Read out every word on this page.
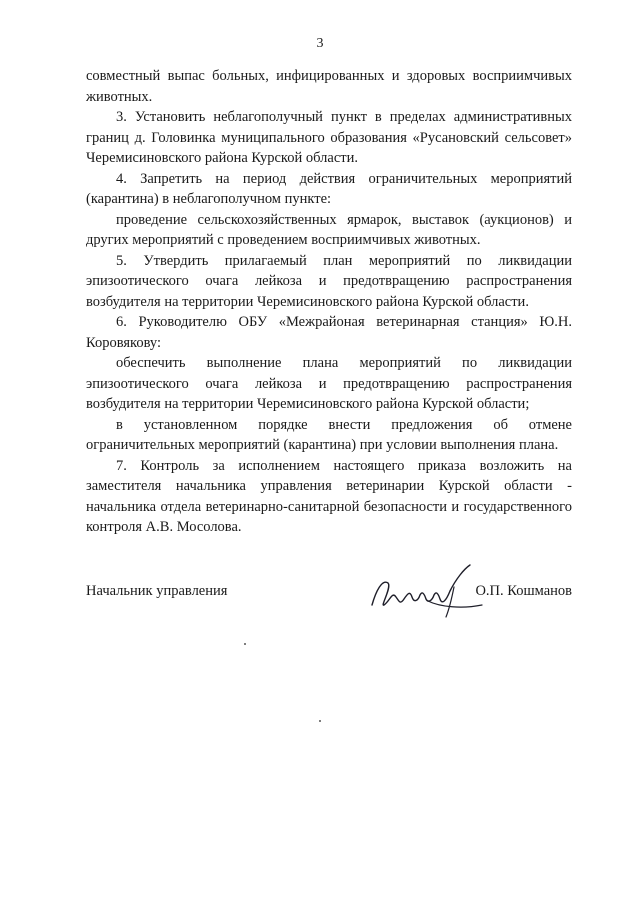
3

совместный выпас больных, инфицированных и здоровых восприимчивых животных.

3. Установить неблагополучный пункт в пределах административных границ д. Головинка муниципального образования «Русановский сельсовет» Черемисиновского района Курской области.

4. Запретить на период действия ограничительных мероприятий (карантина) в неблагополучном пункте:

проведение сельскохозяйственных ярмарок, выставок (аукционов) и других мероприятий с проведением восприимчивых животных.

5. Утвердить прилагаемый план мероприятий по ликвидации эпизоотического очага лейкоза и предотвращению распространения возбудителя на территории Черемисиновского района Курской области.

6. Руководителю ОБУ «Межрайоная ветеринарная станция» Ю.Н. Коровякову:

обеспечить выполнение плана мероприятий по ликвидации эпизоотического очага лейкоза и предотвращению распространения возбудителя на территории Черемисиновского района Курской области;

в установленном порядке внести предложения об отмене ограничительных мероприятий (карантина) при условии выполнения плана.

7. Контроль за исполнением настоящего приказа возложить на заместителя начальника управления ветеринарии Курской области - начальника отдела ветеринарно-санитарной безопасности и государственного контроля А.В. Мосолова.

Начальник управления	О.П. Кошманов
